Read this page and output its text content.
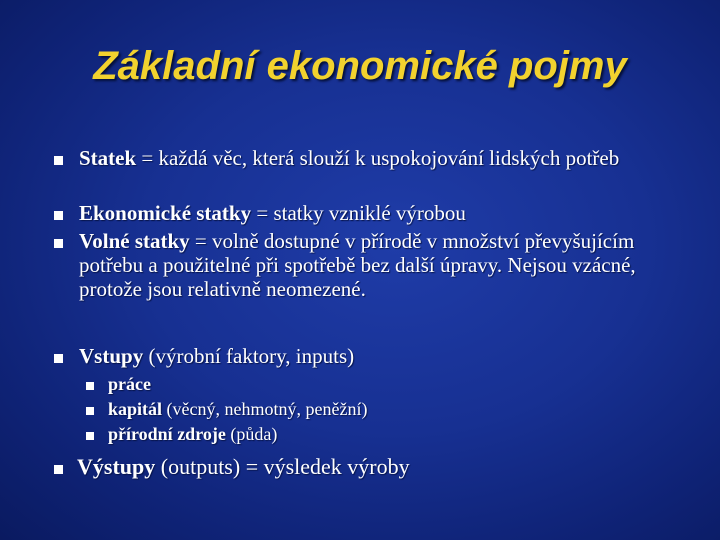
Základní ekonomické pojmy
Statek = každá věc, která slouží k uspokojování lidských potřeb
Ekonomické statky = statky vzniklé výrobou
Volné statky = volně dostupné v přírodě v množství převyšujícím potřebu a použitelné při spotřebě bez další úpravy. Nejsou vzácné, protože jsou relativně neomezené.
Vstupy (výrobní faktory, inputs)
práce
kapitál (věcný, nehmotný, peněžní)
přírodní zdroje (půda)
Výstupy (outputs) = výsledek výroby
